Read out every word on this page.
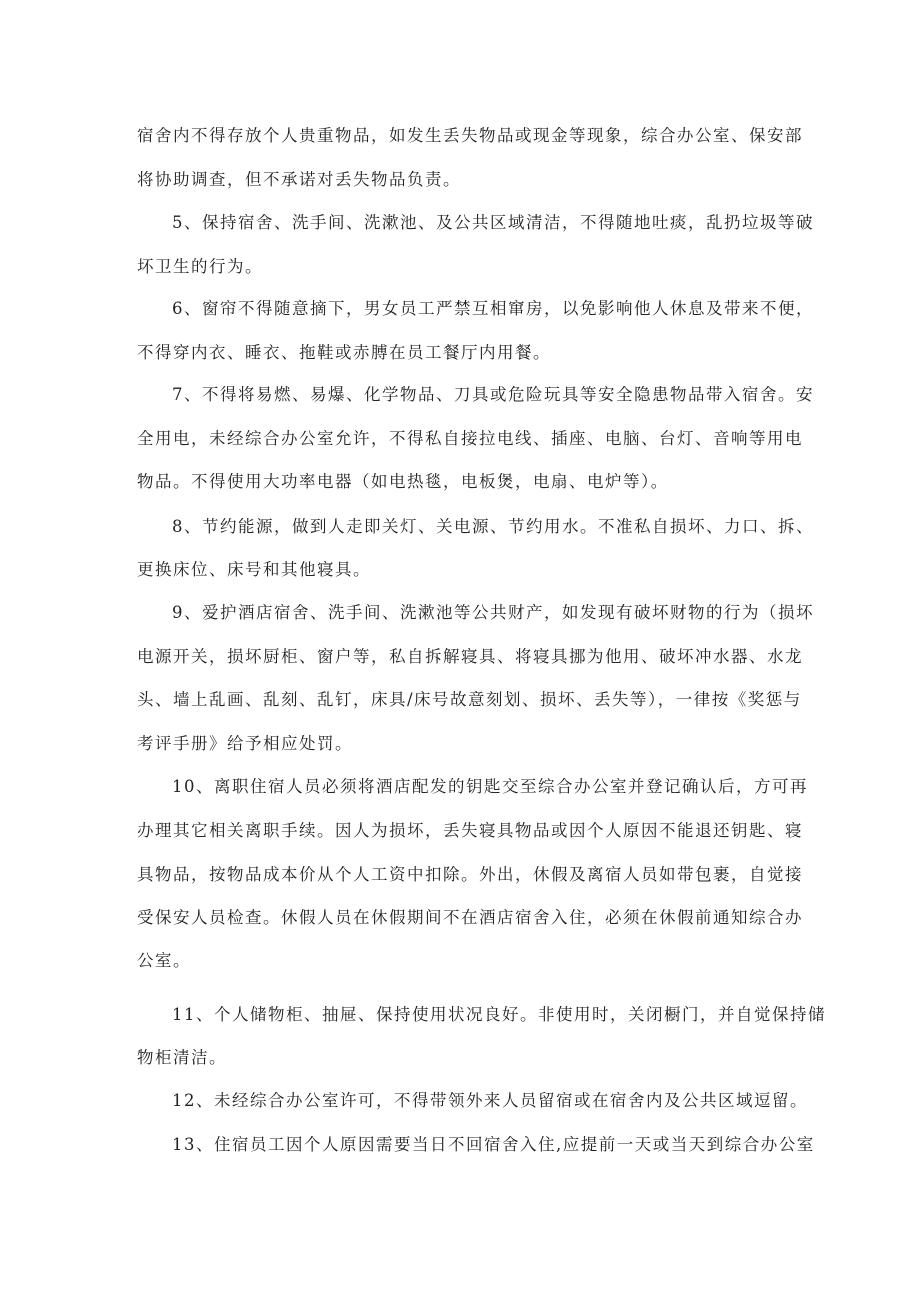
宿舍内不得存放个人贵重物品，如发生丢失物品或现金等现象，综合办公室、保安部
将协助调查，但不承诺对丢失物品负责。
5、保持宿舍、洗手间、洗漱池、及公共区域清洁，不得随地吐痰，乱扔垃圾等破
坏卫生的行为。
6、窗帘不得随意摘下，男女员工严禁互相窜房，以免影响他人休息及带来不便，
不得穿内衣、睡衣、拖鞋或赤膊在员工餐厅内用餐。
7、不得将易燃、易爆、化学物品、刀具或危险玩具等安全隐患物品带入宿舍。安
全用电，未经综合办公室允许，不得私自接拉电线、插座、电脑、台灯、音响等用电
物品。不得使用大功率电器（如电热毯，电板煲，电扇、电炉等）。
8、节约能源，做到人走即关灯、关电源、节约用水。不准私自损坏、力口、拆、
更换床位、床号和其他寝具。
9、爱护酒店宿舍、洗手间、洗漱池等公共财产，如发现有破坏财物的行为（损坏
电源开关，损坏厨柜、窗户等，私自拆解寝具、将寝具挪为他用、破坏冲水器、水龙
头、墙上乱画、乱刻、乱钉，床具/床号故意刻划、损坏、丢失等），一律按《奖惩与
考评手册》给予相应处罚。
10、离职住宿人员必须将酒店配发的钥匙交至综合办公室并登记确认后，方可再
办理其它相关离职手续。因人为损坏，丢失寝具物品或因个人原因不能退还钥匙、寝
具物品，按物品成本价从个人工资中扣除。外出，休假及离宿人员如带包裹，自觉接
受保安人员检查。休假人员在休假期间不在酒店宿舍入住，必须在休假前通知综合办
公室。
11、个人储物柜、抽屉、保持使用状况良好。非使用时，关闭橱门，并自觉保持储
物柜清洁。
12、未经综合办公室许可，不得带领外来人员留宿或在宿舍内及公共区域逗留。
13、住宿员工因个人原因需要当日不回宿舍入住,应提前一天或当天到综合办公室
